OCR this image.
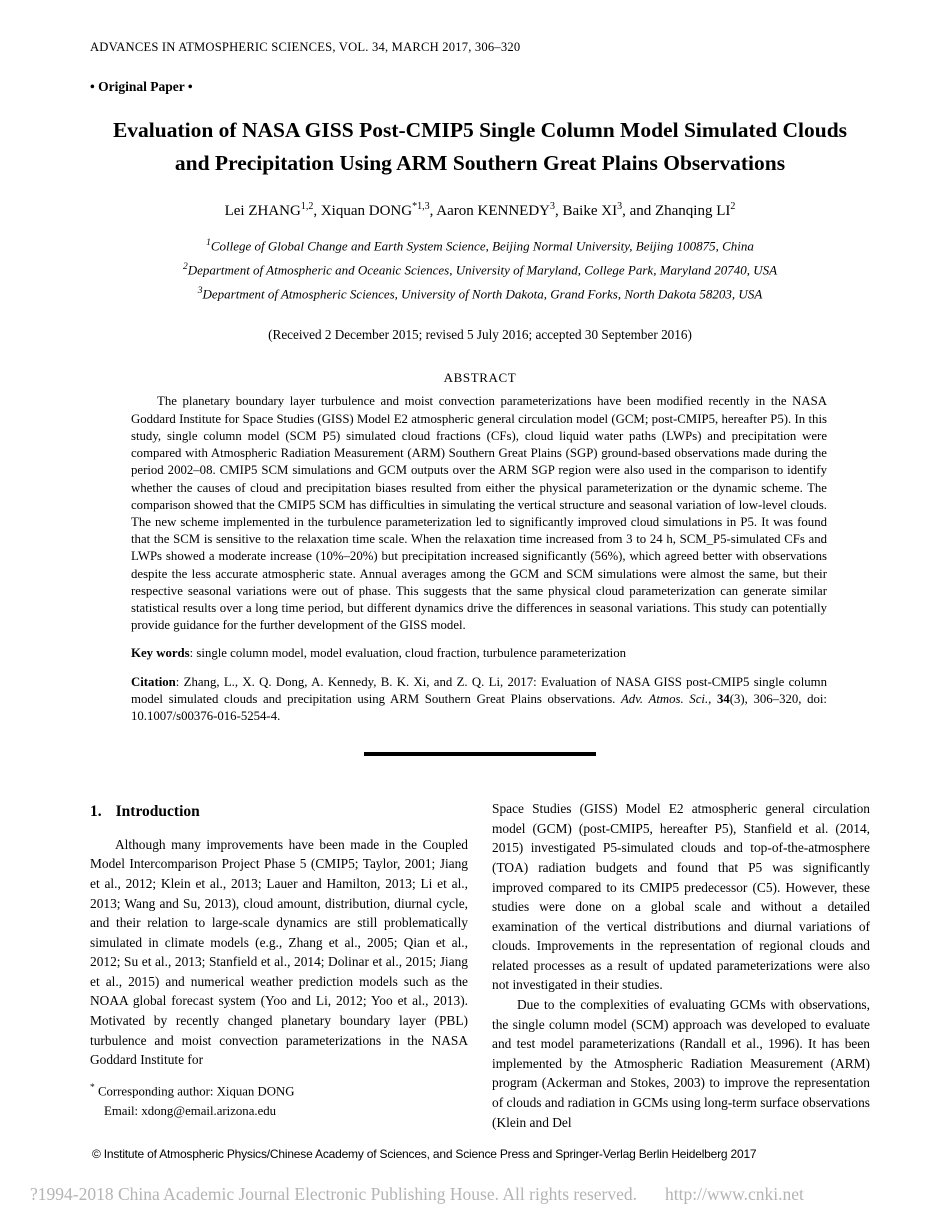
ADVANCES IN ATMOSPHERIC SCIENCES, VOL. 34, MARCH 2017, 306–320
• Original Paper •
Evaluation of NASA GISS Post-CMIP5 Single Column Model Simulated Clouds
and Precipitation Using ARM Southern Great Plains Observations
Lei ZHANG$^{1,2}$, Xiquan DONG$^{*1,3}$, Aaron KENNEDY$^3$, Baike $XI^3$, and Zhanqing $LI^2$
$^1$College of Global Change and Earth System Science, Beijing Normal University, Beijing 100875, China
$^2$Department of Atmospheric and Oceanic Sciences, University of Maryland, College Park, Maryland 20740, USA
$^3$Department of Atmospheric Sciences, University of North Dakota, Grand Forks, North Dakota 58203, USA
(Received 2 December 2015; revised 5 July 2016; accepted 30 September 2016)
ABSTRACT
The planetary boundary layer turbulence and moist convection parameterizations have been modified recently in the NASA Goddard Institute for Space Studies (GISS) Model E2 atmospheric general circulation model (GCM; post-CMIP5, hereafter P5). In this study, single column model (SCM P5) simulated cloud fractions (CFs), cloud liquid water paths (LWPs) and precipitation were compared with Atmospheric Radiation Measurement (ARM) Southern Great Plains (SGP) ground-based observations made during the period 2002–08. CMIP5 SCM simulations and GCM outputs over the ARM SGP region were also used in the comparison to identify whether the causes of cloud and precipitation biases resulted from either the physical parameterization or the dynamic scheme. The comparison showed that the CMIP5 SCM has difficulties in simulating the vertical structure and seasonal variation of low-level clouds. The new scheme implemented in the turbulence parameterization led to significantly improved cloud simulations in P5. It was found that the SCM is sensitive to the relaxation time scale. When the relaxation time increased from 3 to 24 h, SCM_P5-simulated CFs and LWPs showed a moderate increase (10%–20%) but precipitation increased significantly (56%), which agreed better with observations despite the less accurate atmospheric state. Annual averages among the GCM and SCM simulations were almost the same, but their respective seasonal variations were out of phase. This suggests that the same physical cloud parameterization can generate similar statistical results over a long time period, but different dynamics drive the differences in seasonal variations. This study can potentially provide guidance for the further development of the GISS model.
Key words: single column model, model evaluation, cloud fraction, turbulence parameterization
Citation: Zhang, L., X. Q. Dong, A. Kennedy, B. K. Xi, and Z. Q. Li, 2017: Evaluation of NASA GISS post-CMIP5 single column model simulated clouds and precipitation using ARM Southern Great Plains observations. Adv. Atmos. Sci., 34(3), 306–320, doi: 10.1007/s00376-016-5254-4.
1. Introduction
Although many improvements have been made in the Coupled Model Intercomparison Project Phase 5 (CMIP5; Taylor, 2001; Jiang et al., 2012; Klein et al., 2013; Lauer and Hamilton, 2013; Li et al., 2013; Wang and Su, 2013), cloud amount, distribution, diurnal cycle, and their relation to large-scale dynamics are still problematically simulated in climate models (e.g., Zhang et al., 2005; Qian et al., 2012; Su et al., 2013; Stanfield et al., 2014; Dolinar et al., 2015; Jiang et al., 2015) and numerical weather prediction models such as the NOAA global forecast system (Yoo and Li, 2012; Yoo et al., 2013). Motivated by recently changed planetary boundary layer (PBL) turbulence and moist convection parameterizations in the NASA Goddard Institute for
Space Studies (GISS) Model E2 atmospheric general circulation model (GCM) (post-CMIP5, hereafter P5), Stanfield et al. (2014, 2015) investigated P5-simulated clouds and top-of-the-atmosphere (TOA) radiation budgets and found that P5 was significantly improved compared to its CMIP5 predecessor (C5). However, these studies were done on a global scale and without a detailed examination of the vertical distributions and diurnal variations of clouds. Improvements in the representation of regional clouds and related processes as a result of updated parameterizations were also not investigated in their studies.
Due to the complexities of evaluating GCMs with observations, the single column model (SCM) approach was developed to evaluate and test model parameterizations (Randall et al., 1996). It has been implemented by the Atmospheric Radiation Measurement (ARM) program (Ackerman and Stokes, 2003) to improve the representation of clouds and radiation in GCMs using long-term surface observations (Klein and Del
* Corresponding author: Xiquan DONG
Email: xdong@email.arizona.edu
© Institute of Atmospheric Physics/Chinese Academy of Sciences, and Science Press and Springer-Verlag Berlin Heidelberg 2017
?1994-2018 China Academic Journal Electronic Publishing House. All rights reserved. http://www.cnki.net
